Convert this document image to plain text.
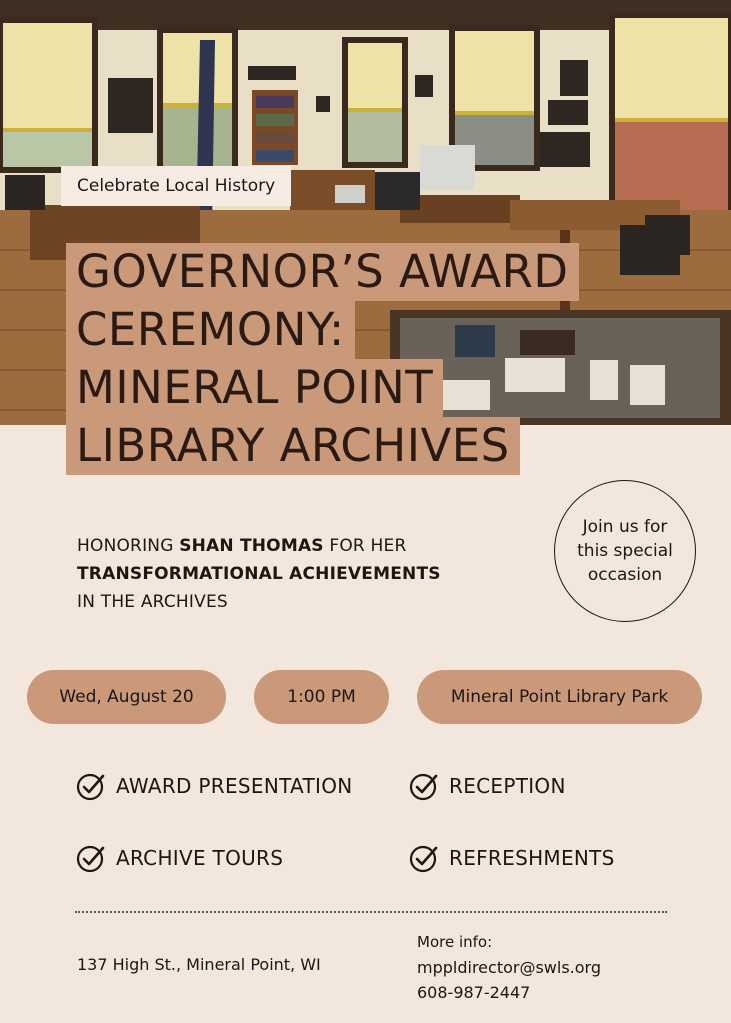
Celebrate Local History
GOVERNOR’S AWARD
CEREMONY:
MINERAL POINT
LIBRARY ARCHIVES
HONORING SHAN THOMAS FOR HER
TRANSFORMATIONAL ACHIEVEMENTS
IN THE ARCHIVES
Join us for this special occasion
Wed, August 20	1:00 PM	Mineral Point Library Park
AWARD PRESENTATION	RECEPTION
ARCHIVE TOURS	REFRESHMENTS
137 High St., Mineral Point, WI
More info:
mppldirector@swls.org
608-987-2447
